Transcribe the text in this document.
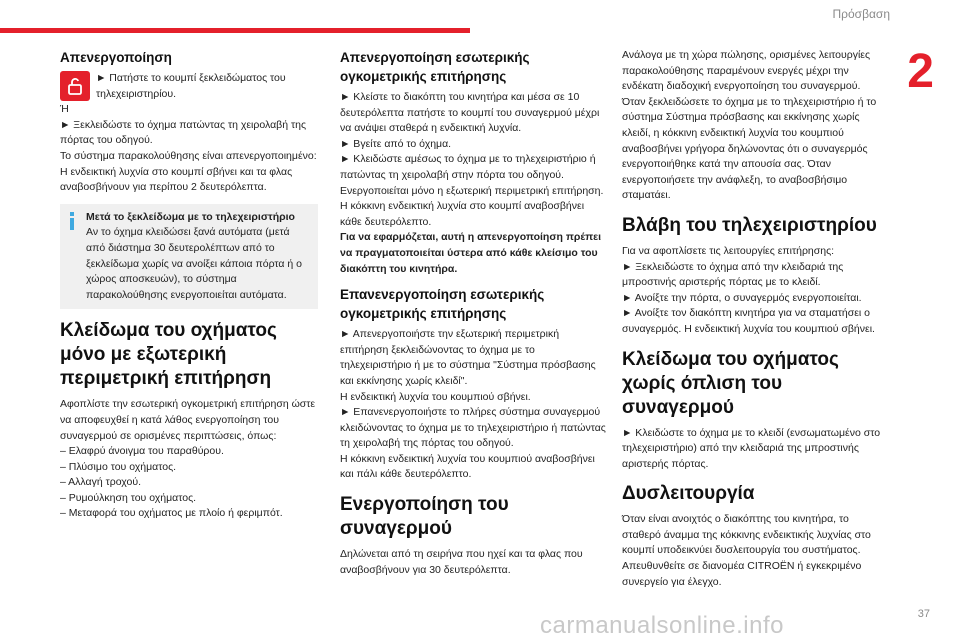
Πρόσβαση
2
Απενεργοποίηση

► Πατήστε το κουμπί ξεκλειδώματος του τηλεχειριστηρίου.

Ή

► Ξεκλειδώστε το όχημα πατώντας τη χειρολαβή της πόρτας του οδηγού.

Το σύστημα παρακολούθησης είναι απενεργοποιημένο: Η ενδεικτική λυχνία στο κουμπί σβήνει και τα φλας αναβοσβήνουν για περίπου 2 δευτερόλεπτα.

Μετά το ξεκλείδωμα με το τηλεχειριστήριο

Αν το όχημα κλειδώσει ξανά αυτόματα (μετά από διάστημα 30 δευτερολέπτων από το ξεκλείδωμα χωρίς να ανοίξει κάποια πόρτα ή ο χώρος αποσκευών), το σύστημα παρακολούθησης ενεργοποιείται αυτόματα.

Κλείδωμα του οχήματος μόνο με εξωτερική περιμετρική επιτήρηση

Αφοπλίστε την εσωτερική ογκομετρική επιτήρηση ώστε να αποφευχθεί η κατά λάθος ενεργοποίηση του συναγερμού σε ορισμένες περιπτώσεις, όπως:

– Ελαφρύ άνοιγμα του παραθύρου.
– Πλύσιμο του οχήματος.
– Αλλαγή τροχού.
– Ρυμούλκηση του οχήματος.
– Μεταφορά του οχήματος με πλοίο ή φεριμπότ.
Απενεργοποίηση εσωτερικής ογκομετρικής επιτήρησης

► Κλείστε το διακόπτη του κινητήρα και μέσα σε 10 δευτερόλεπτα πατήστε το κουμπί του συναγερμού μέχρι να ανάψει σταθερά η ενδεικτική λυχνία.

► Βγείτε από το όχημα.

► Κλειδώστε αμέσως το όχημα με το τηλεχειριστήριο ή πατώντας τη χειρολαβή στην πόρτα του οδηγού.

Ενεργοποιείται μόνο η εξωτερική περιμετρική επιτήρηση. Η κόκκινη ενδεικτική λυχνία στο κουμπί αναβοσβήνει κάθε δευτερόλεπτο.

Για να εφαρμόζεται, αυτή η απενεργοποίηση πρέπει να πραγματοποιείται ύστερα από κάθε κλείσιμο του διακόπτη του κινητήρα.

Επανενεργοποίηση εσωτερικής ογκομετρικής επιτήρησης

► Απενεργοποιήστε την εξωτερική περιμετρική επιτήρηση ξεκλειδώνοντας το όχημα με το τηλεχειριστήριο ή με το σύστημα "Σύστημα πρόσβασης και εκκίνησης χωρίς κλειδί".

Η ενδεικτική λυχνία του κουμπιού σβήνει.

► Επανενεργοποιήστε το πλήρες σύστημα συναγερμού κλειδώνοντας το όχημα με το τηλεχειριστήριο ή πατώντας τη χειρολαβή της πόρτας του οδηγού.

Η κόκκινη ενδεικτική λυχνία του κουμπιού αναβοσβήνει και πάλι κάθε δευτερόλεπτο.

Ενεργοποίηση του συναγερμού

Δηλώνεται από τη σειρήνα που ηχεί και τα φλας που αναβοσβήνουν για 30 δευτερόλεπτα.

Ανάλογα με τη χώρα πώλησης, ορισμένες λειτουργίες παρακολούθησης παραμένουν ενεργές μέχρι την ενδέκατη διαδοχική ενεργοποίηση του συναγερμού. Όταν ξεκλειδώσετε το όχημα με το τηλεχειριστήριο ή το σύστημα Σύστημα πρόσβασης και εκκίνησης χωρίς κλειδί, η κόκκινη ενδεικτική λυχνία του κουμπιού αναβοσβήνει γρήγορα δηλώνοντας ότι ο συναγερμός ενεργοποιήθηκε κατά την απουσία σας. Όταν ενεργοποιήσετε την ανάφλεξη, το αναβοσβήσιμο σταματάει.

Βλάβη του τηλεχειριστηρίου

Για να αφοπλίσετε τις λειτουργίες επιτήρησης:

► Ξεκλειδώστε το όχημα από την κλειδαριά της μπροστινής αριστερής πόρτας με το κλειδί.

► Ανοίξτε την πόρτα, ο συναγερμός ενεργοποιείται.

► Ανοίξτε τον διακόπτη κινητήρα για να σταματήσει ο συναγερμός. Η ενδεικτική λυχνία του κουμπιού σβήνει.

Κλείδωμα του οχήματος χωρίς όπλιση του συναγερμού

► Κλειδώστε το όχημα με το κλειδί (ενσωματωμένο στο τηλεχειριστήριο) από την κλειδαριά της μπροστινής αριστερής πόρτας.

Δυσλειτουργία

Όταν είναι ανοιχτός ο διακόπτης του κινητήρα, το σταθερό άναμμα της κόκκινης ενδεικτικής λυχνίας στο κουμπί υποδεικνύει δυσλειτουργία του συστήματος. Απευθυνθείτε σε διανομέα CITROËN ή εγκεκριμένο συνεργείο για έλεγχο.

carmanualsonline.info	37
